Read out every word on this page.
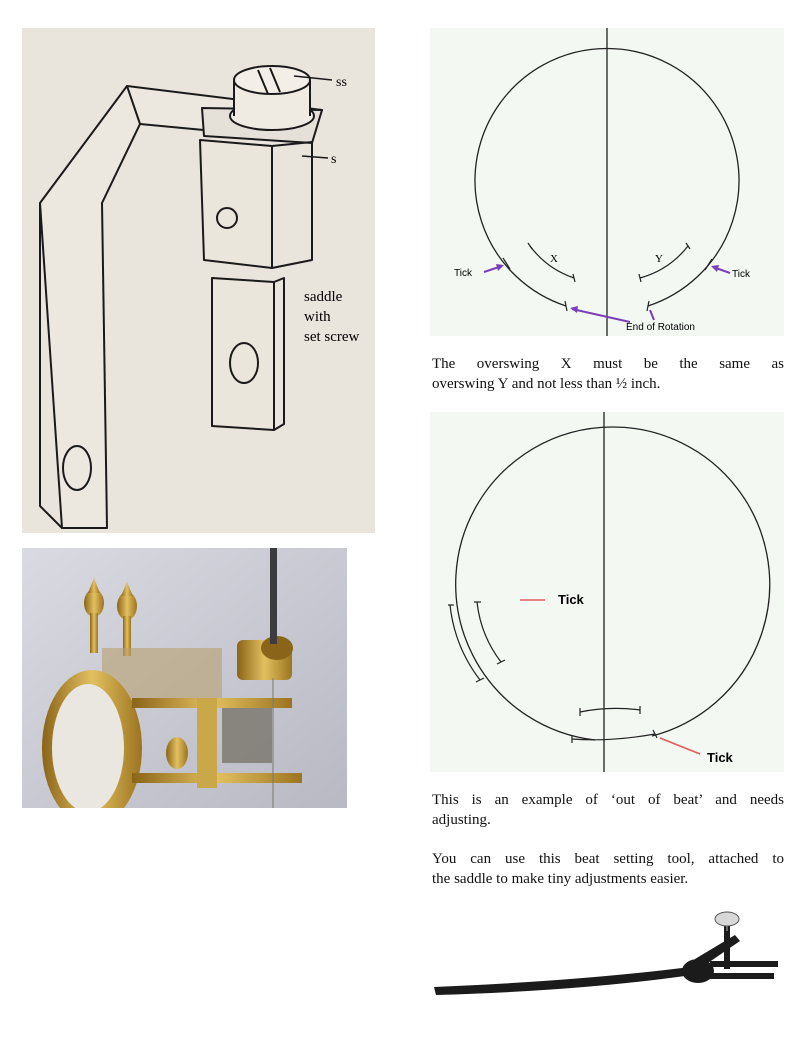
ss
s
saddle
with
set screw
X	Y
Tick	Tick
End of Rotation

The overswing X must be the same as
overswing Y and not less than ½ inch.

Tick
Tick

This is an example of ‘out of beat’ and needs
adjusting.

You can use this beat setting tool, attached to
the saddle to make tiny adjustments easier.
